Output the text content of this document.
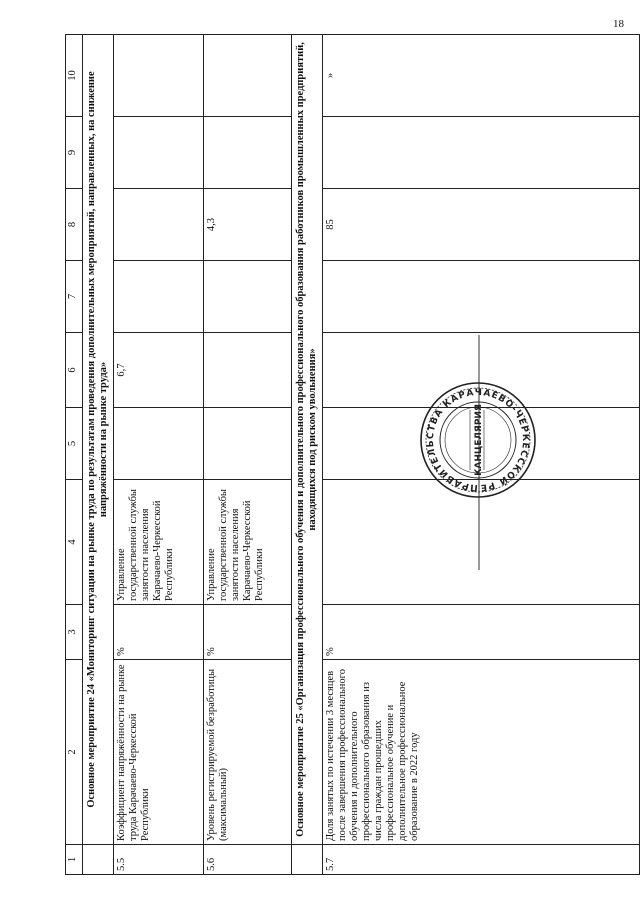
18
1	2	3	4	5	6	7	8	9	10
	Основное мероприятие 24 «Мониторинг ситуации на рынке труда по результатам проведения дополнительных мероприятий, направленных, на снижение напряжённости на рынке труда»								
5.5	Коэффициент напряжённости на рынке труда Карачаево-Черкесской Республики	%	Управление государственной службы занятости населения Карачаево-Черкесской Республики		6,7				
5.6	Уровень регистрируемой безработицы (максимальный)	%	Управление государственной службы занятости населения Карачаево-Черкесской Республики				4,3		
	Основное мероприятие 25 «Организация профессионального обучения и дополнительного профессионального образования работников промышленных предприятий, находящихся под риском увольнения»								
5.7	Доля занятых по истечении 3 месяцев после завершения профессионального обучения и дополнительного профессионального образования из числа граждан прошедших профессиональное обучение и дополнительное профессиональное образование в 2022 году	%					85		»
ПРАВИТЕЛЬСТВА КАРАЧАЕВО-ЧЕРКЕССКОЙ РЕ
КАНЦЕЛЯРИЯ
